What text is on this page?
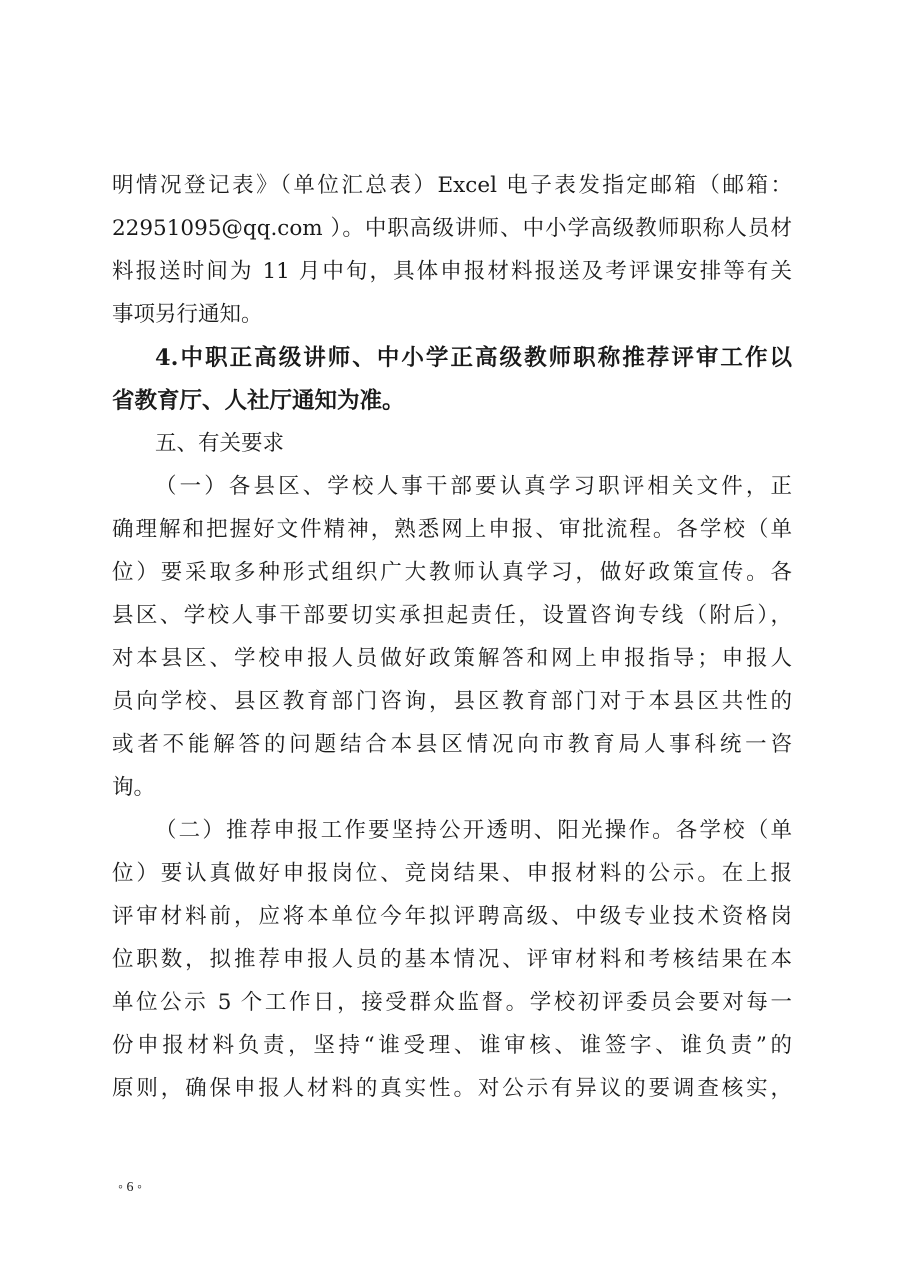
明情况登记表》（单位汇总表）Excel 电子表发指定邮箱（邮箱：
22951095@qq.com ）。中职高级讲师、中小学高级教师职称人员材
料报送时间为 11 月中旬，具体申报材料报送及考评课安排等有关
事项另行通知。
4.中职正高级讲师、中小学正高级教师职称推荐评审工作以
省教育厅、人社厅通知为准。
五、有关要求
（一）各县区、学校人事干部要认真学习职评相关文件，正
确理解和把握好文件精神，熟悉网上申报、审批流程。各学校（单
位）要采取多种形式组织广大教师认真学习，做好政策宣传。各
县区、学校人事干部要切实承担起责任，设置咨询专线（附后），
对本县区、学校申报人员做好政策解答和网上申报指导；申报人
员向学校、县区教育部门咨询，县区教育部门对于本县区共性的
或者不能解答的问题结合本县区情况向市教育局人事科统一咨
询。
（二）推荐申报工作要坚持公开透明、阳光操作。各学校（单
位）要认真做好申报岗位、竞岗结果、申报材料的公示。在上报
评审材料前，应将本单位今年拟评聘高级、中级专业技术资格岗
位职数，拟推荐申报人员的基本情况、评审材料和考核结果在本
单位公示 5 个工作日，接受群众监督。学校初评委员会要对每一
份申报材料负责，坚持“谁受理、谁审核、谁签字、谁负责”的
原则，确保申报人材料的真实性。对公示有异议的要调查核实，
◦ 6 ◦
